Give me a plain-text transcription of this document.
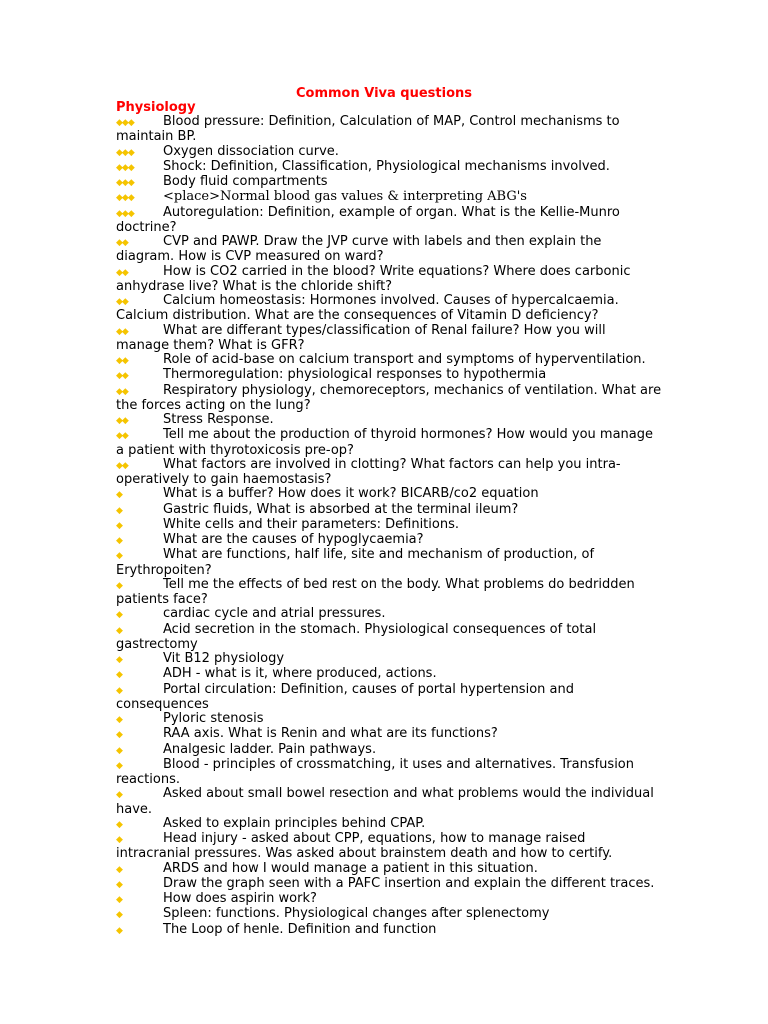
Common Viva questions
Physiology
◆◆◆ Blood pressure: Definition, Calculation of MAP, Control mechanisms to maintain BP.
◆◆◆ Oxygen dissociation curve.
◆◆◆ Shock: Definition, Classification, Physiological mechanisms involved.
◆◆◆ Body fluid compartments
◆◆◆ <place>Normal blood gas values & interpreting ABG's
◆◆◆ Autoregulation: Definition, example of organ. What is the Kellie-Munro doctrine?
◆◆	CVP and PAWP. Draw the JVP curve with labels and then explain the diagram. How is CVP measured on ward?
◆◆	How is CO2 carried in the blood? Write equations? Where does carbonic anhydrase live? What is the chloride shift?
◆◆	Calcium homeostasis: Hormones involved. Causes of hypercalcaemia. Calcium distribution. What are the consequences of Vitamin D deficiency?
◆◆	What are differant types/classification of Renal failure? How you will manage them? What is GFR?
◆◆	Role of acid-base on calcium transport and symptoms of hyperventilation.
◆◆	Thermoregulation: physiological responses to hypothermia
◆◆	Respiratory physiology, chemoreceptors, mechanics of ventilation. What are the forces acting on the lung?
◆◆	Stress Response.
◆◆	Tell me about the production of thyroid hormones? How would you manage a patient with thyrotoxicosis pre-op?
◆◆	What factors are involved in clotting? What factors can help you intra-operatively to gain haemostasis?
◆	What is a buffer? How does it work? BICARB/co2 equation
◆	Gastric fluids, What is absorbed at the terminal ileum?
◆	White cells and their parameters: Definitions.
◆	What are the causes of hypoglycaemia?
◆	What are functions, half life, site and mechanism of production, of Erythropoiten?
◆	Tell me the effects of bed rest on the body. What problems do bedridden patients face?
◆	cardiac cycle and atrial pressures.
◆	Acid secretion in the stomach. Physiological consequences of total gastrectomy
◆	Vit B12 physiology
◆	ADH - what is it, where produced, actions.
◆	Portal circulation: Definition, causes of portal hypertension and consequences
◆	Pyloric stenosis
◆	RAA axis. What is Renin and what are its functions?
◆	Analgesic ladder. Pain pathways.
◆	Blood - principles of crossmatching, it uses and alternatives. Transfusion reactions.
◆	Asked about small bowel resection and what problems would the individual have.
◆	Asked to explain principles behind CPAP.
◆	Head injury - asked about CPP, equations, how to manage raised intracranial pressures. Was asked about brainstem death and how to certify.
◆	ARDS and how I would manage a patient in this situation.
◆	Draw the graph seen with a PAFC insertion and explain the different traces.
◆	How does aspirin work?
◆	Spleen: functions. Physiological changes after splenectomy
◆	The Loop of henle. Definition and function
